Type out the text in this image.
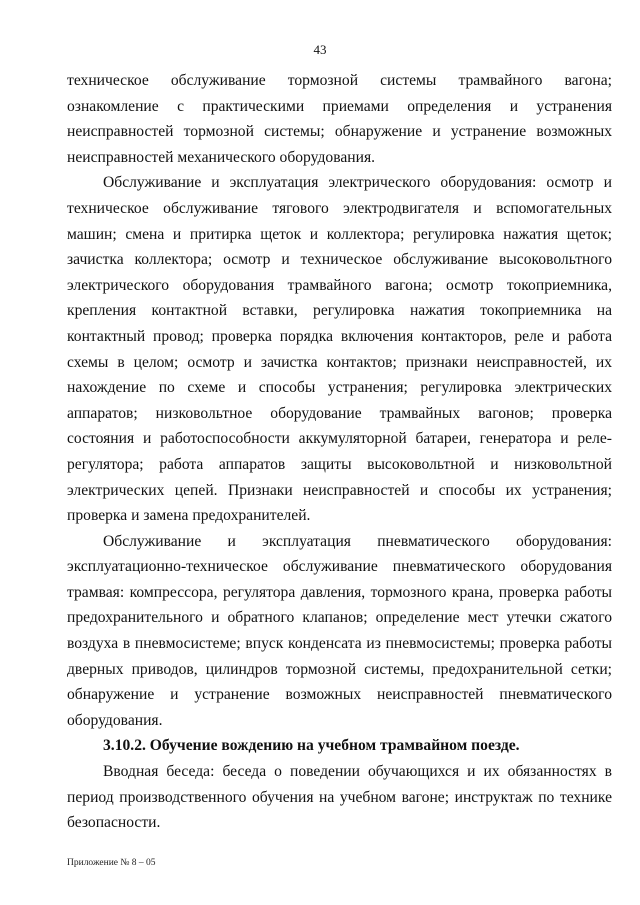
43

техническое обслуживание тормозной системы трамвайного вагона; ознакомление с практическими приемами определения и устранения неисправностей тормозной системы; обнаружение и устранение возможных неисправностей механического оборудования.

Обслуживание и эксплуатация электрического оборудования: осмотр и техническое обслуживание тягового электродвигателя и вспомогательных машин; смена и притирка щеток и коллектора; регулировка нажатия щеток; зачистка коллектора; осмотр и техническое обслуживание высоковольтного электрического оборудования трамвайного вагона; осмотр токоприемника, крепления контактной вставки, регулировка нажатия токоприемника на контактный провод; проверка порядка включения контакторов, реле и работа схемы в целом; осмотр и зачистка контактов; признаки неисправностей, их нахождение по схеме и способы устранения; регулировка электрических аппаратов; низковольтное оборудование трамвайных вагонов; проверка состояния и работоспособности аккумуляторной батареи, генератора и реле-регулятора; работа аппаратов защиты высоковольтной и низковольтной электрических цепей. Признаки неисправностей и способы их устранения; проверка и замена предохранителей.

Обслуживание и эксплуатация пневматического оборудования: эксплуатационно-техническое обслуживание пневматического оборудования трамвая: компрессора, регулятора давления, тормозного крана, проверка работы предохранительного и обратного клапанов; определение мест утечки сжатого воздуха в пневмосистеме; впуск конденсата из пневмосистемы; проверка работы дверных приводов, цилиндров тормозной системы, предохранительной сетки; обнаружение и устранение возможных неисправностей пневматического оборудования.

3.10.2. Обучение вождению на учебном трамвайном поезде.

Вводная беседа: беседа о поведении обучающихся и их обязанностях в период производственного обучения на учебном вагоне; инструктаж по технике безопасности.

Приложение № 8 – 05
